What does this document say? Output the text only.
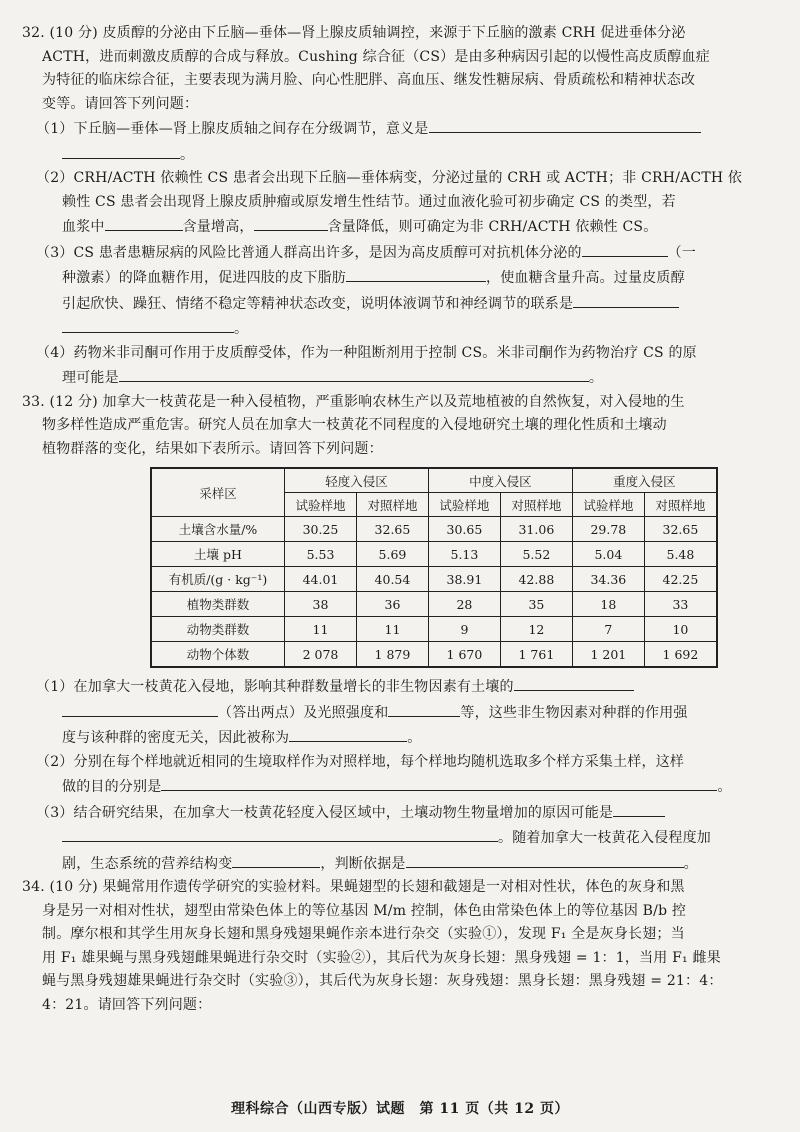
32. (10 分) 皮质醇的分泌由下丘脑—垂体—肾上腺皮质轴调控，来源于下丘脑的激素 CRH 促进垂体分泌

ACTH，进而刺激皮质醇的合成与释放。Cushing 综合征（CS）是由多种病因引起的以慢性高皮质醇血症

为特征的临床综合征，主要表现为满月脸、向心性肥胖、高血压、继发性糖尿病、骨质疏松和精神状态改

变等。请回答下列问题：

（1）下丘脑—垂体—肾上腺皮质轴之间存在分级调节，意义是

。

（2）CRH/ACTH 依赖性 CS 患者会出现下丘脑—垂体病变，分泌过量的 CRH 或 ACTH；非 CRH/ACTH 依

赖性 CS 患者会出现肾上腺皮质肿瘤或原发增生性结节。通过血液化验可初步确定 CS 的类型，若

血浆中	含量增高，	含量降低，则可确定为非 CRH/ACTH 依赖性 CS。

（3）CS 患者患糖尿病的风险比普通人群高出许多，是因为高皮质醇可对抗机体分泌的	（一

种激素）的降血糖作用，促进四肢的皮下脂肪	，使血糖含量升高。过量皮质醇

引起欣快、躁狂、情绪不稳定等精神状态改变，说明体液调节和神经调节的联系是

。

（4）药物米非司酮可作用于皮质醇受体，作为一种阻断剂用于控制 CS。米非司酮作为药物治疗 CS 的原

理可能是	。

33. (12 分) 加拿大一枝黄花是一种入侵植物，严重影响农林生产以及荒地植被的自然恢复，对入侵地的生

物多样性造成严重危害。研究人员在加拿大一枝黄花不同程度的入侵地研究土壤的理化性质和土壤动

植物群落的变化，结果如下表所示。请回答下列问题：

采样区	轻度入侵区		中度入侵区		重度入侵区	
	试验样地	对照样地	试验样地	对照样地	试验样地	对照样地
土壤含水量/%	30.25	32.65	30.65	31.06	29.78	32.65
土壤 pH	5.53	5.69	5.13	5.52	5.04	5.48
有机质/(g · kg⁻¹)	44.01	40.54	38.91	42.88	34.36	42.25
植物类群数	38	36	28	35	18	33
动物类群数	11	11	9	12	7	10
动物个体数	2 078	1 879	1 670	1 761	1 201	1 692

（1）在加拿大一枝黄花入侵地，影响其种群数量增长的非生物因素有土壤的

（答出两点）及光照强度和	等，这些非生物因素对种群的作用强

度与该种群的密度无关，因此被称为	。

（2）分别在每个样地就近相同的生境取样作为对照样地，每个样地均随机选取多个样方采集土样，这样

做的目的分别是	。

（3）结合研究结果，在加拿大一枝黄花轻度入侵区域中，土壤动物生物量增加的原因可能是

。随着加拿大一枝黄花入侵程度加

剧，生态系统的营养结构变	，判断依据是	。

34. (10 分) 果蝇常用作遗传学研究的实验材料。果蝇翅型的长翅和截翅是一对相对性状，体色的灰身和黑

身是另一对相对性状，翅型由常染色体上的等位基因 M/m 控制，体色由常染色体上的等位基因 B/b 控

制。摩尔根和其学生用灰身长翅和黑身残翅果蝇作亲本进行杂交（实验①），发现 F₁ 全是灰身长翅；当

用 F₁ 雄果蝇与黑身残翅雌果蝇进行杂交时（实验②），其后代为灰身长翅：黑身残翅 = 1：1，当用 F₁ 雌果

蝇与黑身残翅雄果蝇进行杂交时（实验③），其后代为灰身长翅：灰身残翅：黑身长翅：黑身残翅 = 21：4：

4：21。请回答下列问题：

理科综合（山西专版）试题　第 11 页（共 12 页）
